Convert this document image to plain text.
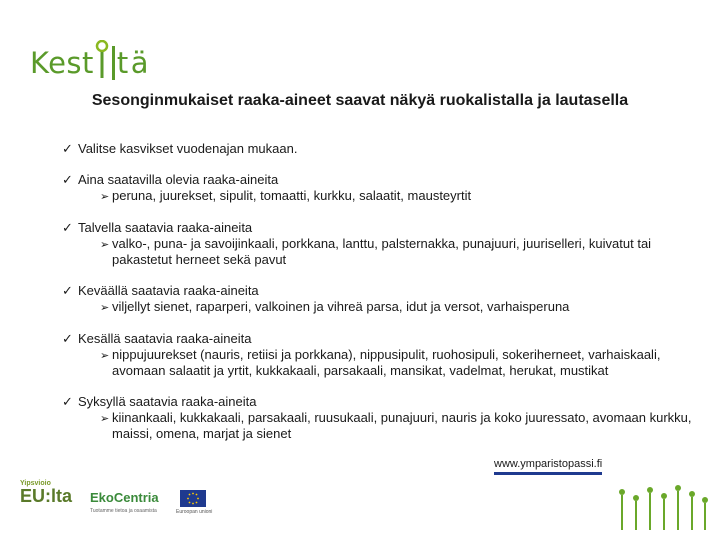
Kest tä
Sesonginmukaiset raaka-aineet saavat näkyä ruokalistalla ja lautasella
✓ Valitse kasvikset vuodenajan mukaan.
✓ Aina saatavilla olevia raaka-aineita
➢ peruna, juurekset, sipulit, tomaatti, kurkku, salaatit, mausteyrtit
✓ Talvella saatavia raaka-aineita
➢ valko-, puna- ja savoijinkaali, porkkana, lanttu, palsternakka, punajuuri, juuriselleri, kuivatut tai pakastetut herneet sekä pavut
✓ Keväällä saatavia raaka-aineita
➢ viljellyt sienet, raparperi, valkoinen ja vihreä parsa, idut ja versot, varhaisperuna
✓ Kesällä saatavia raaka-aineita
➢ nippujuurekset (nauris, retiisi ja porkkana), nippusipulit, ruohosipuli, sokeriherneet, varhaiskaali, avomaan salaatit ja yrtit, kukkakaali, parsakaali, mansikat, vadelmat, herukat, mustikat
✓ Syksyllä saatavia raaka-aineita
➢ kiinankaali, kukkakaali, parsakaali, ruusukaali, punajuuri, nauris ja koko juuressato, avomaan kurkku, maissi, omena, marjat ja sienet
www.ymparistopassi.fi
Yipsvioio
EU:lta EkoCentria
Tuotamme tietoa ja osaamista	Euroopan unioni
